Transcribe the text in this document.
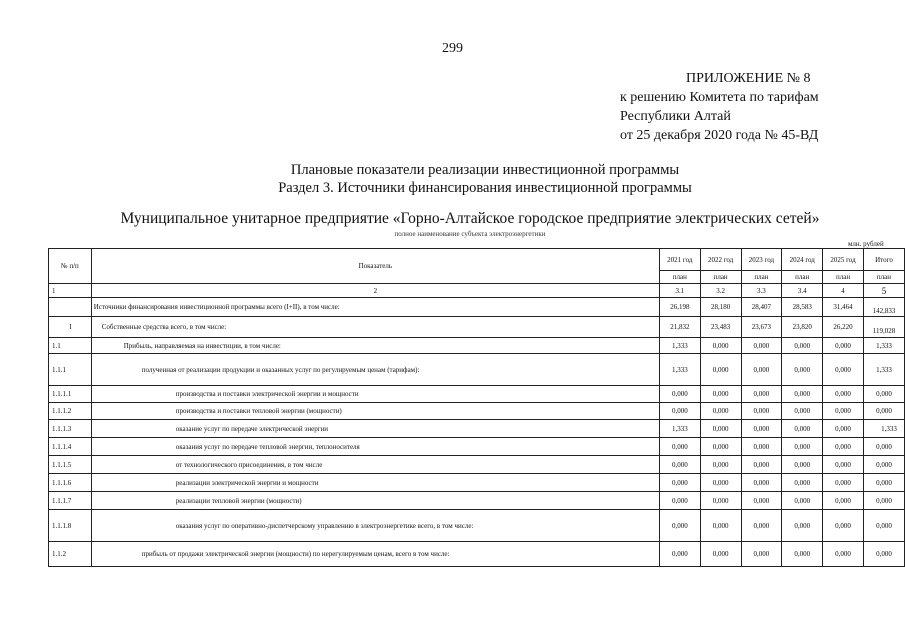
299
ПРИЛОЖЕНИЕ № 8
к решению Комитета по тарифам
Республики Алтай
от 25 декабря 2020 года № 45-ВД
Плановые показатели реализации инвестиционной программы
Раздел 3. Источники финансирования инвестиционной программы
Муниципальное унитарное предприятие «Горно-Алтайское городское предприятие электрических сетей»
полное наименование субъекта электроэнергетики
млн. рублей
№ п/п	Показатель	2021 год	2022 год	2023 год	2024 год	2025 год	Итого
		план	план	план	план	план	план
1	2	3.1	3.2	3.3	3.4	4	5
	Источники финансирования инвестиционной программы всего (I+II), в том числе:	26,198	28,180	28,407	28,583	31,464	142,833
I	Собственные средства всего, в том числе:	21,832	23,483	23,673	23,820	26,220	119,028
1.1	Прибыль, направляемая на инвестиции, в том числе:	1,333	0,000	0,000	0,000	0,000	1,333
1.1.1	полученная от реализации продукции и оказанных услуг по регулируемым ценам (тарифам):	1,333	0,000	0,000	0,000	0,000	1,333
1.1.1.1	производства и поставки электрической энергии и мощности	0,000	0,000	0,000	0,000	0,000	0,000
1.1.1.2	производства и поставки тепловой энергии (мощности)	0,000	0,000	0,000	0,000	0,000	0,000
1.1.1.3	оказание услуг по передаче электрической энергии	1,333	0,000	0,000	0,000	0,000	1,333
1.1.1.4	оказания услуг по передаче тепловой энергии, теплоносителя	0,000	0,000	0,000	0,000	0,000	0,000
1.1.1.5	от технологического присоединения, в том числе	0,000	0,000	0,000	0,000	0,000	0,000
1.1.1.6	реализации электрической энергии и мощности	0,000	0,000	0,000	0,000	0,000	0,000
1.1.1.7	реализации тепловой энергии (мощности)	0,000	0,000	0,000	0,000	0,000	0,000
1.1.1.8	оказания услуг по оперативно-диспетчерскому управлению в электроэнергетике всего, в том числе:	0,000	0,000	0,000	0,000	0,000	0,000
1.1.2	прибыль от продажи электрической энергии (мощности) по нерегулируемым ценам, всего в том числе:	0,000	0,000	0,000	0,000	0,000	0,000
